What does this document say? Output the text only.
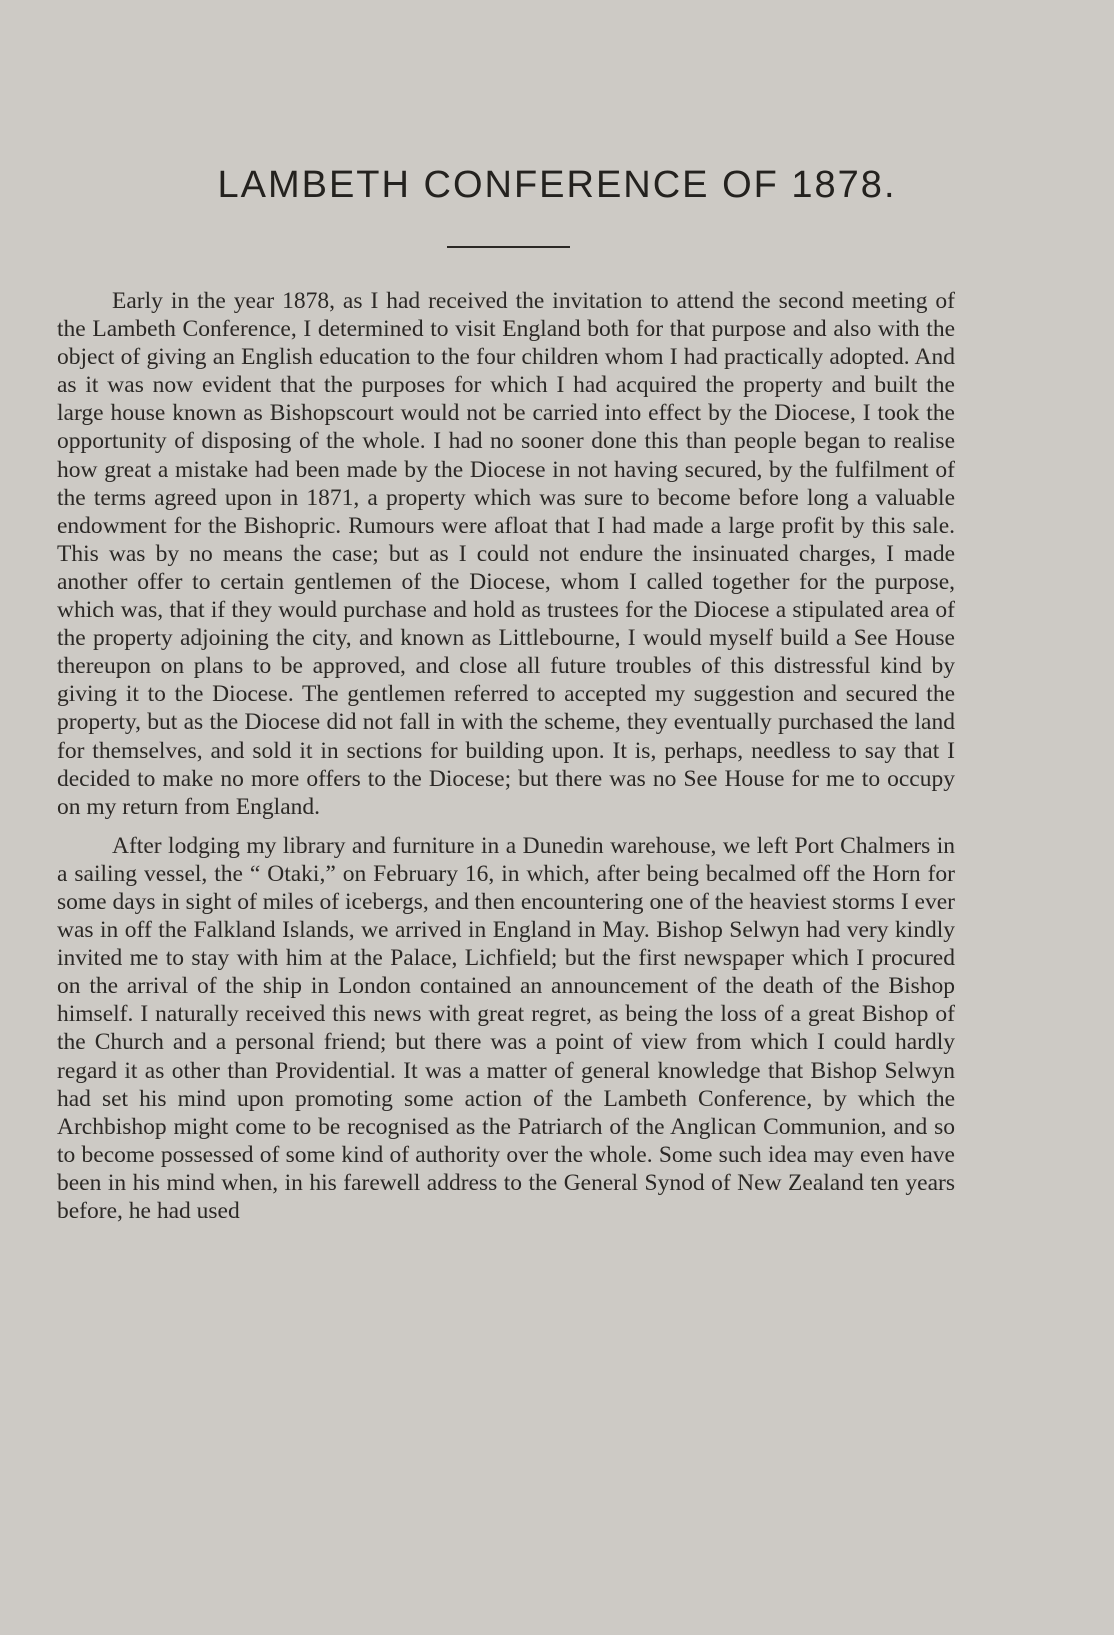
LAMBETH CONFERENCE OF 1878.

Early in the year 1878, as I had received the invitation to attend the second meeting of the Lambeth Conference, I determined to visit England both for that purpose and also with the object of giving an English education to the four children whom I had practically adopted. And as it was now evident that the purposes for which I had acquired the property and built the large house known as Bishopscourt would not be carried into effect by the Diocese, I took the opportunity of disposing of the whole. I had no sooner done this than people began to realise how great a mistake had been made by the Diocese in not having secured, by the fulfilment of the terms agreed upon in 1871, a property which was sure to become before long a valuable endowment for the Bishopric. Rumours were afloat that I had made a large profit by this sale. This was by no means the case; but as I could not endure the insinuated charges, I made another offer to certain gentlemen of the Diocese, whom I called together for the purpose, which was, that if they would purchase and hold as trustees for the Diocese a stipulated area of the property adjoining the city, and known as Littlebourne, I would myself build a See House thereupon on plans to be approved, and close all future troubles of this distressful kind by giving it to the Diocese. The gentlemen referred to accepted my suggestion and secured the property, but as the Diocese did not fall in with the scheme, they eventually purchased the land for themselves, and sold it in sections for building upon. It is, perhaps, needless to say that I decided to make no more offers to the Diocese; but there was no See House for me to occupy on my return from England.

After lodging my library and furniture in a Dunedin warehouse, we left Port Chalmers in a sailing vessel, the “ Otaki,” on February 16, in which, after being becalmed off the Horn for some days in sight of miles of icebergs, and then encountering one of the heaviest storms I ever was in off the Falkland Islands, we arrived in England in May. Bishop Selwyn had very kindly invited me to stay with him at the Palace, Lichfield; but the first newspaper which I procured on the arrival of the ship in London contained an announcement of the death of the Bishop himself. I naturally received this news with great regret, as being the loss of a great Bishop of the Church and a personal friend; but there was a point of view from which I could hardly regard it as other than Providential. It was a matter of general knowledge that Bishop Selwyn had set his mind upon promoting some action of the Lambeth Conference, by which the Archbishop might come to be recognised as the Patriarch of the Anglican Communion, and so to become possessed of some kind of authority over the whole. Some such idea may even have been in his mind when, in his farewell address to the General Synod of New Zealand ten years before, he had used
